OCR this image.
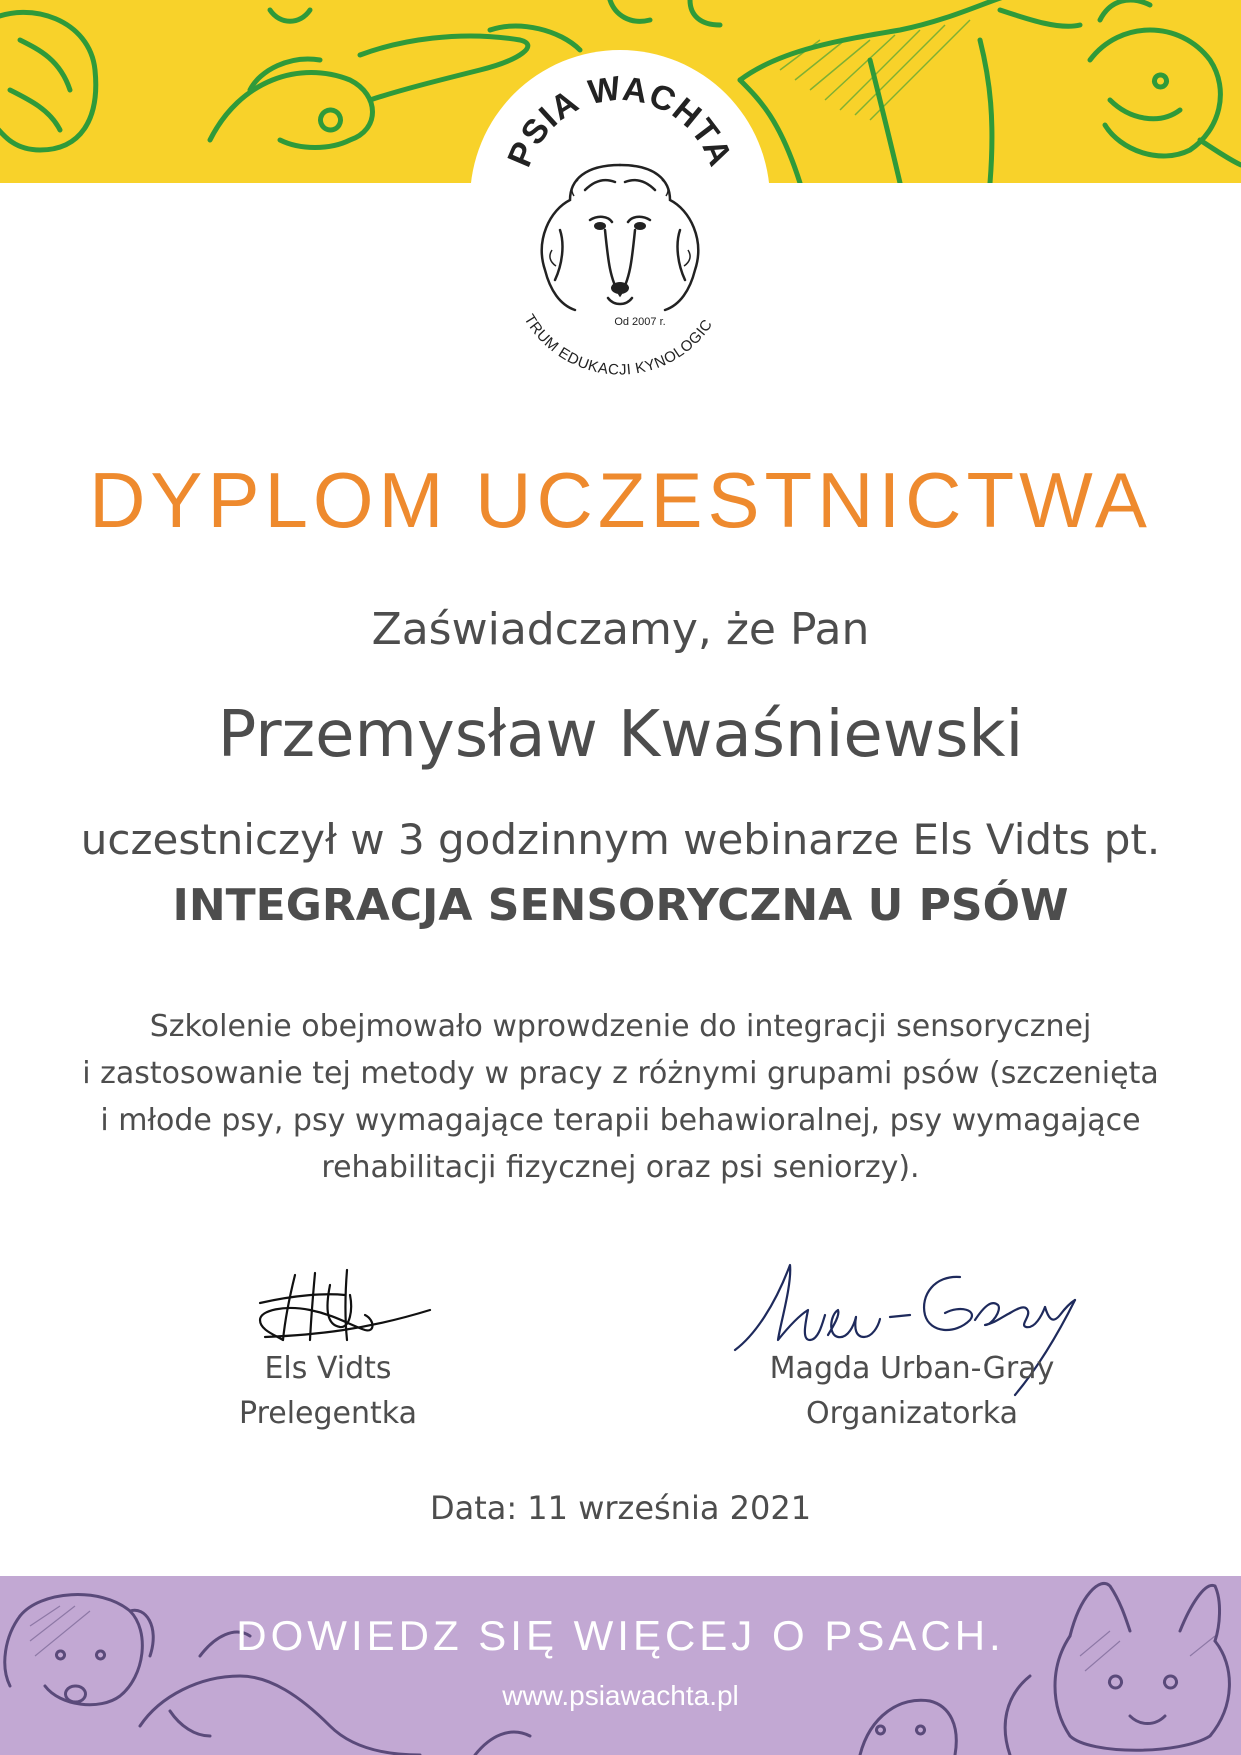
PSIA WACHTA
Od 2007 r.
TRUM EDUKACJI KYNOLOGIC
DYPLOM UCZESTNICTWA
Zaświadczamy, że Pan
Przemysław Kwaśniewski
uczestniczył w 3 godzinnym webinarze Els Vidts pt.
INTEGRACJA SENSORYCZNA U PSÓW
Szkolenie obejmowało wprowdzenie do integracji sensorycznej
i zastosowanie tej metody w pracy z różnymi grupami psów (szczenięta
i młode psy, psy wymagające terapii behawioralnej, psy wymagające
rehabilitacji fizycznej oraz psi seniorzy).
Els Vidts
Prelegentka
Magda Urban-Gray
Organizatorka
Data: 11 września 2021
DOWIEDZ SIĘ WIĘCEJ O PSACH.
www.psiawachta.pl
